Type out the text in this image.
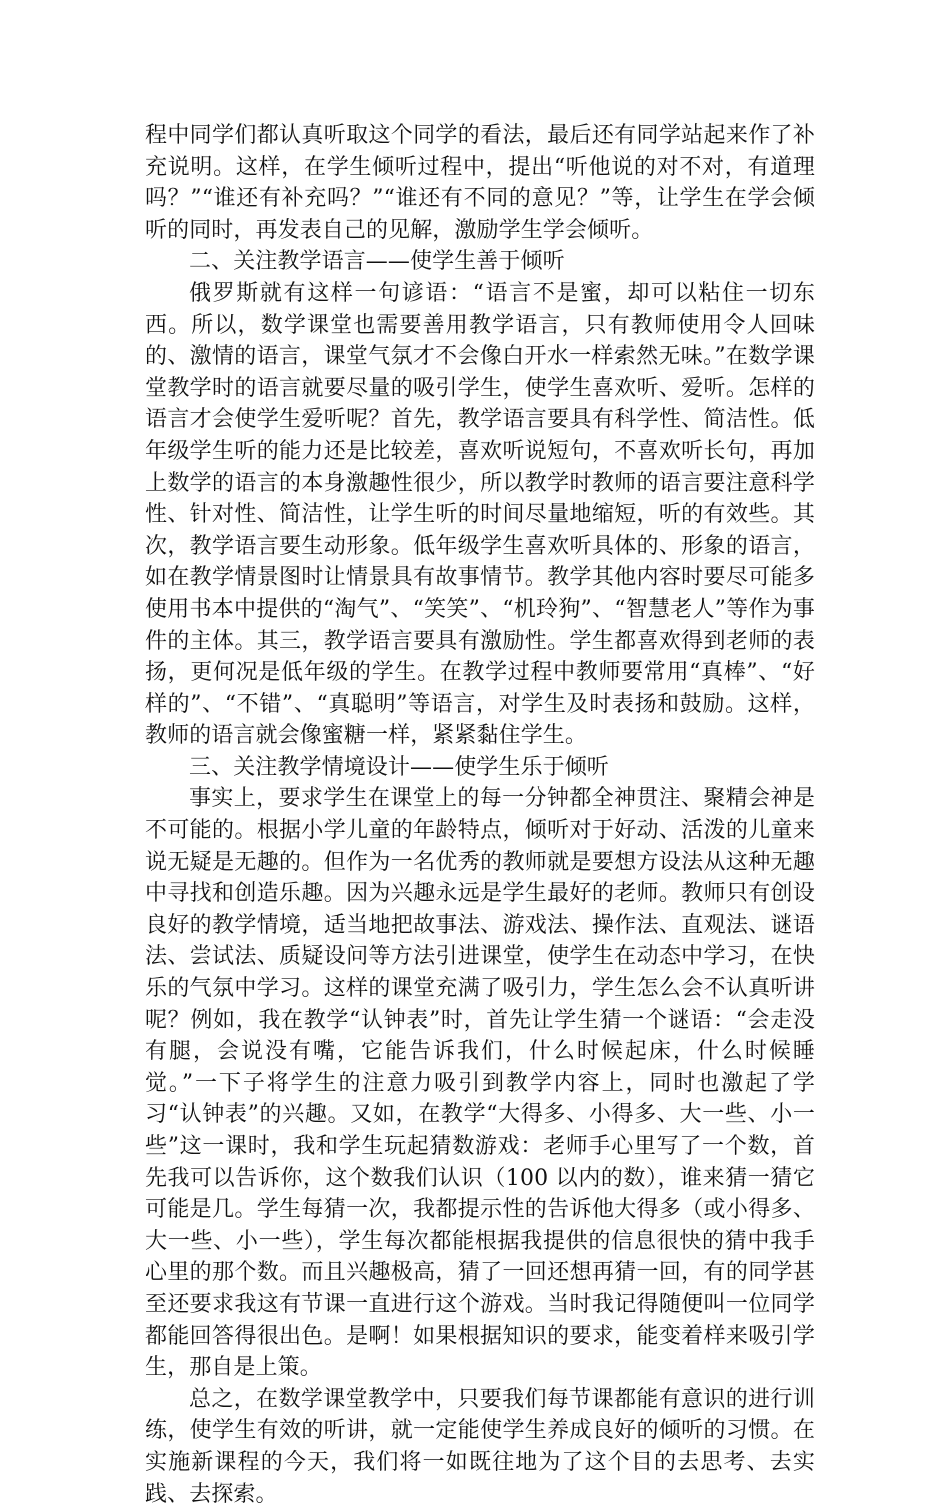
程中同学们都认真听取这个同学的看法，最后还有同学站起来作了补充说明。这样，在学生倾听过程中，提出“听他说的对不对，有道理吗？”“谁还有补充吗？”“谁还有不同的意见？”等，让学生在学会倾听的同时，再发表自己的见解，激励学生学会倾听。

二、关注教学语言——使学生善于倾听

俄罗斯就有这样一句谚语：“语言不是蜜，却可以粘住一切东西。所以，数学课堂也需要善用教学语言，只有教师使用令人回味的、激情的语言，课堂气氛才不会像白开水一样索然无味。”在数学课堂教学时的语言就要尽量的吸引学生，使学生喜欢听、爱听。怎样的语言才会使学生爱听呢？首先，教学语言要具有科学性、简洁性。低年级学生听的能力还是比较差，喜欢听说短句，不喜欢听长句，再加上数学的语言的本身激趣性很少，所以教学时教师的语言要注意科学性、针对性、简洁性，让学生听的时间尽量地缩短，听的有效些。其次，教学语言要生动形象。低年级学生喜欢听具体的、形象的语言，如在教学情景图时让情景具有故事情节。教学其他内容时要尽可能多使用书本中提供的“淘气”、“笑笑”、“机玲狗”、“智慧老人”等作为事件的主体。其三，教学语言要具有激励性。学生都喜欢得到老师的表扬，更何况是低年级的学生。在教学过程中教师要常用“真棒”、“好样的”、“不错”、“真聪明”等语言，对学生及时表扬和鼓励。这样，教师的语言就会像蜜糖一样，紧紧黏住学生。

三、关注教学情境设计——使学生乐于倾听

事实上，要求学生在课堂上的每一分钟都全神贯注、聚精会神是不可能的。根据小学儿童的年龄特点，倾听对于好动、活泼的儿童来说无疑是无趣的。但作为一名优秀的教师就是要想方设法从这种无趣中寻找和创造乐趣。因为兴趣永远是学生最好的老师。教师只有创设良好的教学情境，适当地把故事法、游戏法、操作法、直观法、谜语法、尝试法、质疑设问等方法引进课堂，使学生在动态中学习，在快乐的气氛中学习。这样的课堂充满了吸引力，学生怎么会不认真听讲呢？例如，我在教学“认钟表”时，首先让学生猜一个谜语：“会走没有腿，会说没有嘴，它能告诉我们，什么时候起床，什么时候睡觉。”一下子将学生的注意力吸引到教学内容上，同时也激起了学习“认钟表”的兴趣。又如，在教学“大得多、小得多、大一些、小一些”这一课时，我和学生玩起猜数游戏：老师手心里写了一个数，首先我可以告诉你，这个数我们认识（100 以内的数），谁来猜一猜它可能是几。学生每猜一次，我都提示性的告诉他大得多（或小得多、大一些、小一些），学生每次都能根据我提供的信息很快的猜中我手心里的那个数。而且兴趣极高，猜了一回还想再猜一回，有的同学甚至还要求我这有节课一直进行这个游戏。当时我记得随便叫一位同学都能回答得很出色。是啊！如果根据知识的要求，能变着样来吸引学生，那自是上策。

总之，在数学课堂教学中，只要我们每节课都能有意识的进行训练，使学生有效的听讲，就一定能使学生养成良好的倾听的习惯。在实施新课程的今天，我们将一如既往地为了这个目的去思考、去实践、去探索。
